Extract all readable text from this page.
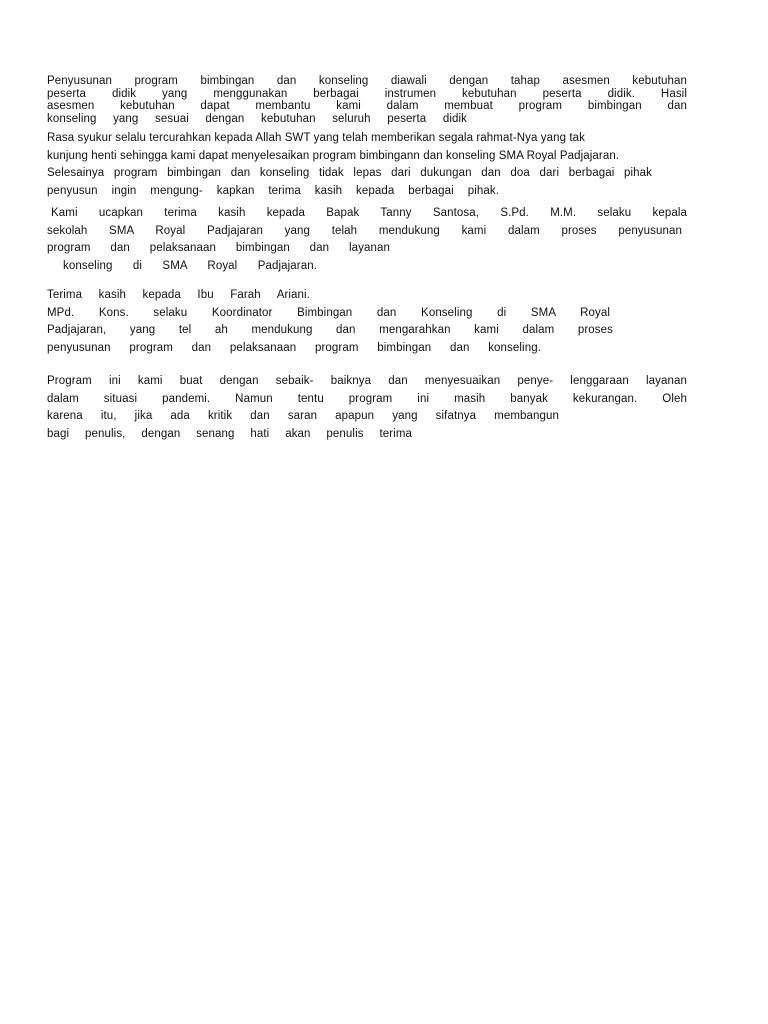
Penyusunan program bimbingan dan konseling diawali dengan tahap asesmen kebutuhan
peserta didik yang menggunakan berbagai instrumen kebutuhan peserta didik. Hasil
asesmen kebutuhan dapat membantu kami dalam membuat program bimbingan dan
konseling yang sesuai dengan kebutuhan seluruh peserta didik
Rasa syukur selalu tercurahkan kepada Allah SWT yang telah memberikan segala rahmat-Nya yang tak
kunjung henti sehingga kami dapat menyelesaikan program bimbingann dan konseling SMA Royal Padjajaran.
Selesainya program bimbingan dan konseling tidak lepas dari dukungan dan doa dari berbagai pihak
penyusun ingin mengung- kapkan terima kasih kepada berbagai pihak.
Kami ucapkan terima kasih kepada Bapak Tanny Santosa, S.Pd. M.M. selaku kepala
sekolah SMA Royal Padjajaran yang telah mendukung kami dalam proses penyusunan
program dan pelaksanaan bimbingan dan layanan
konseling di SMA Royal Padjajaran.
Terima kasih kepada Ibu Farah Ariani.
MPd. Kons. selaku Koordinator Bimbingan dan Konseling di SMA Royal
Padjajaran, yang tel ah mendukung dan mengarahkan kami dalam proses
penyusunan program dan pelaksanaan program bimbingan dan konseling.
Program ini kami buat dengan sebaik- baiknya dan menyesuaikan penye- lenggaraan layanan
dalam situasi pandemi. Namun tentu program ini masih banyak kekurangan. Oleh
karena itu, jika ada kritik dan saran apapun yang sifatnya membangun
bagi penulis, dengan senang hati akan penulis terima
